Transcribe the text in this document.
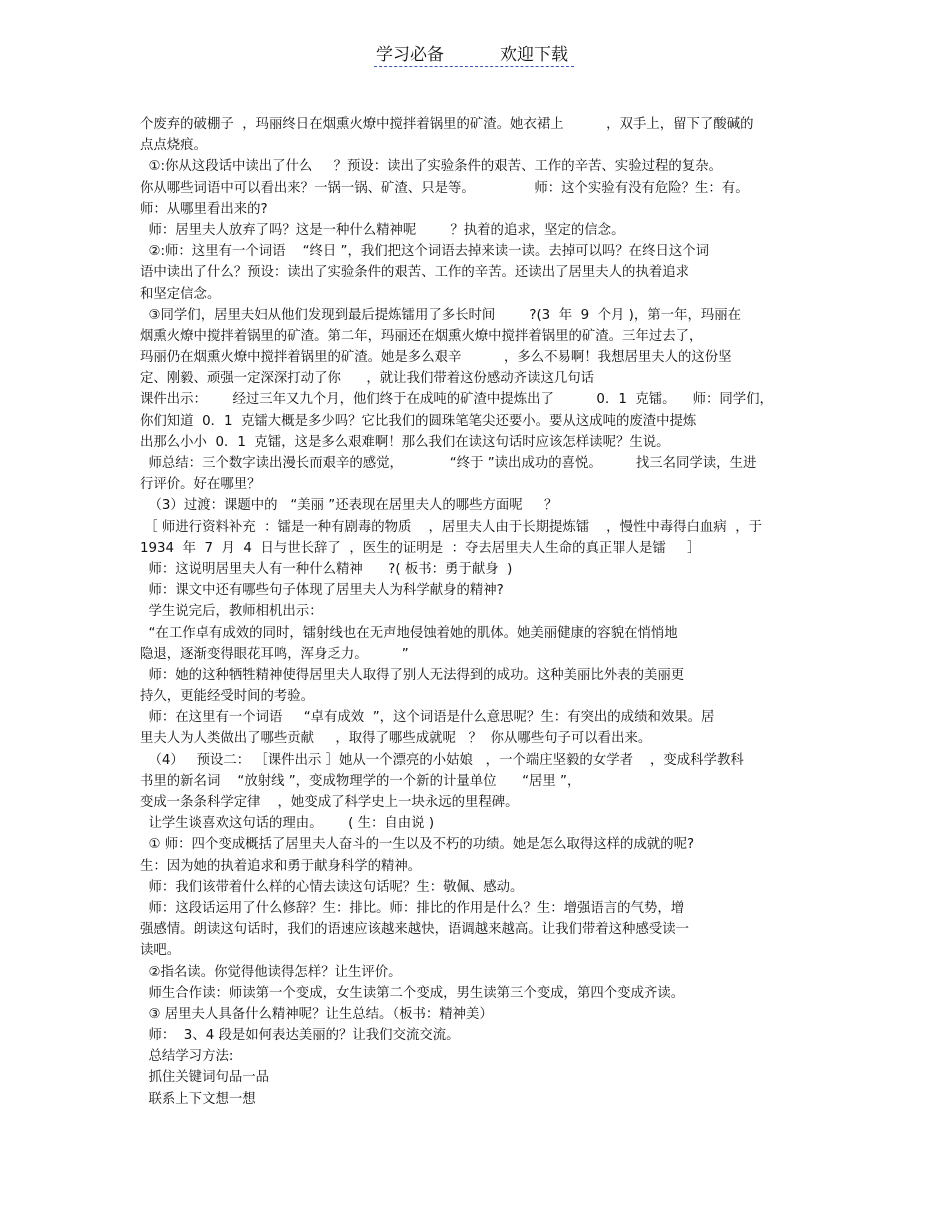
学习必备	欢迎下载
个废弃的破棚子  ，玛丽终日在烟熏火燎中搅拌着锅里的矿渣。她衣裙上          ，双手上，留下了酸碱的
点点烧痕。
①:你从这段话中读出了什么     ？预设：读出了实验条件的艰苦、工作的辛苦、实验过程的复杂。
你从哪些词语中可以看出来？一锅一锅、矿渣、只是等。              师：这个实验有没有危险？生：有。
师：从哪里看出来的?
师：居里夫人放弃了吗？这是一种什么精神呢        ？执着的追求，坚定的信念。
②:师：这里有一个词语    “终日 ”，我们把这个词语去掉来读一读。去掉可以吗？在终日这个词
语中读出了什么？预设：读出了实验条件的艰苦、工作的辛苦。还读出了居里夫人的执着追求
和坚定信念。
③同学们，居里夫妇从他们发现到最后提炼镭用了多长时间        ?(3  年  9  个月 )，第一年，玛丽在
烟熏火燎中搅拌着锅里的矿渣。第二年，玛丽还在烟熏火燎中搅拌着锅里的矿渣。三年过去了，
玛丽仍在烟熏火燎中搅拌着锅里的矿渣。她是多么艰辛          ，多么不易啊！我想居里夫人的这份坚
定、刚毅、顽强一定深深打动了你      ，就让我们带着这份感动齐读这几句话
课件出示：      经过三年又九个月，他们终于在成吨的矿渣中提炼出了          0．1  克镭。    师：同学们，
你们知道  0．1  克镭大概是多少吗？它比我们的圆珠笔笔尖还要小。要从这成吨的废渣中提炼
出那么小小  0．1  克镭，这是多么艰难啊！那么我们在读这句话时应该怎样读呢？生说。
师总结：三个数字读出漫长而艰辛的感觉，           “终于 ”读出成功的喜悦。        找三名同学读，生进
行评价。好在哪里？
（3）过渡：课题中的   “美丽 ”还表现在居里夫人的哪些方面呢     ？
［ 师进行资料补充  ：镭是一种有剧毒的物质    ，居里夫人由于长期提炼镭    ，慢性中毒得白血病  ，于
1934  年  7  月  4  日与世长辞了  ，医生的证明是  ：夺去居里夫人生命的真正罪人是镭     ］
师：这说明居里夫人有一种什么精神      ?( 板书：勇于献身  )
师：课文中还有哪些句子体现了居里夫人为科学献身的精神?
学生说完后，教师相机出示：
“在工作卓有成效的同时，镭射线也在无声地侵蚀着她的肌体。她美丽健康的容貌在悄悄地
隐退，逐渐变得眼花耳鸣，浑身乏力。        ”
师：她的这种牺牲精神使得居里夫人取得了别人无法得到的成功。这种美丽比外表的美丽更
持久，更能经受时间的考验。
师：在这里有一个词语     “卓有成效  ”，这个词语是什么意思呢？生：有突出的成绩和效果。居
里夫人为人类做出了哪些贡献     ，取得了哪些成就呢   ？  你从哪些句子可以看出来。
（4）   预设二： ［课件出示 ］她从一个漂亮的小姑娘   ，一个端庄坚毅的女学者    ，变成科学教科
书里的新名词    “放射线 ”，变成物理学的一个新的计量单位      “居里 ”，
变成一条条科学定律    ，她变成了科学史上一块永远的里程碑。
让学生谈喜欢这句话的理由。      ( 生：自由说 )
① 师：四个变成概括了居里夫人奋斗的一生以及不朽的功绩。她是怎么取得这样的成就的呢?
生：因为她的执着追求和勇于献身科学的精神。
师：我们该带着什么样的心情去读这句话呢？生：敬佩、感动。
师：这段话运用了什么修辞？生：排比。师：排比的作用是什么？生：增强语言的气势，增
强感情。朗读这句话时，我们的语速应该越来越快，语调越来越高。让我们带着这种感受读一
读吧。
②指名读。你觉得他读得怎样？让生评价。
师生合作读：师读第一个变成，女生读第二个变成，男生读第三个变成，第四个变成齐读。
③ 居里夫人具备什么精神呢？让生总结。（板书：精神美）
师：  3、4 段是如何表达美丽的？让我们交流交流。
总结学习方法:
抓住关键词句品一品
联系上下文想一想
